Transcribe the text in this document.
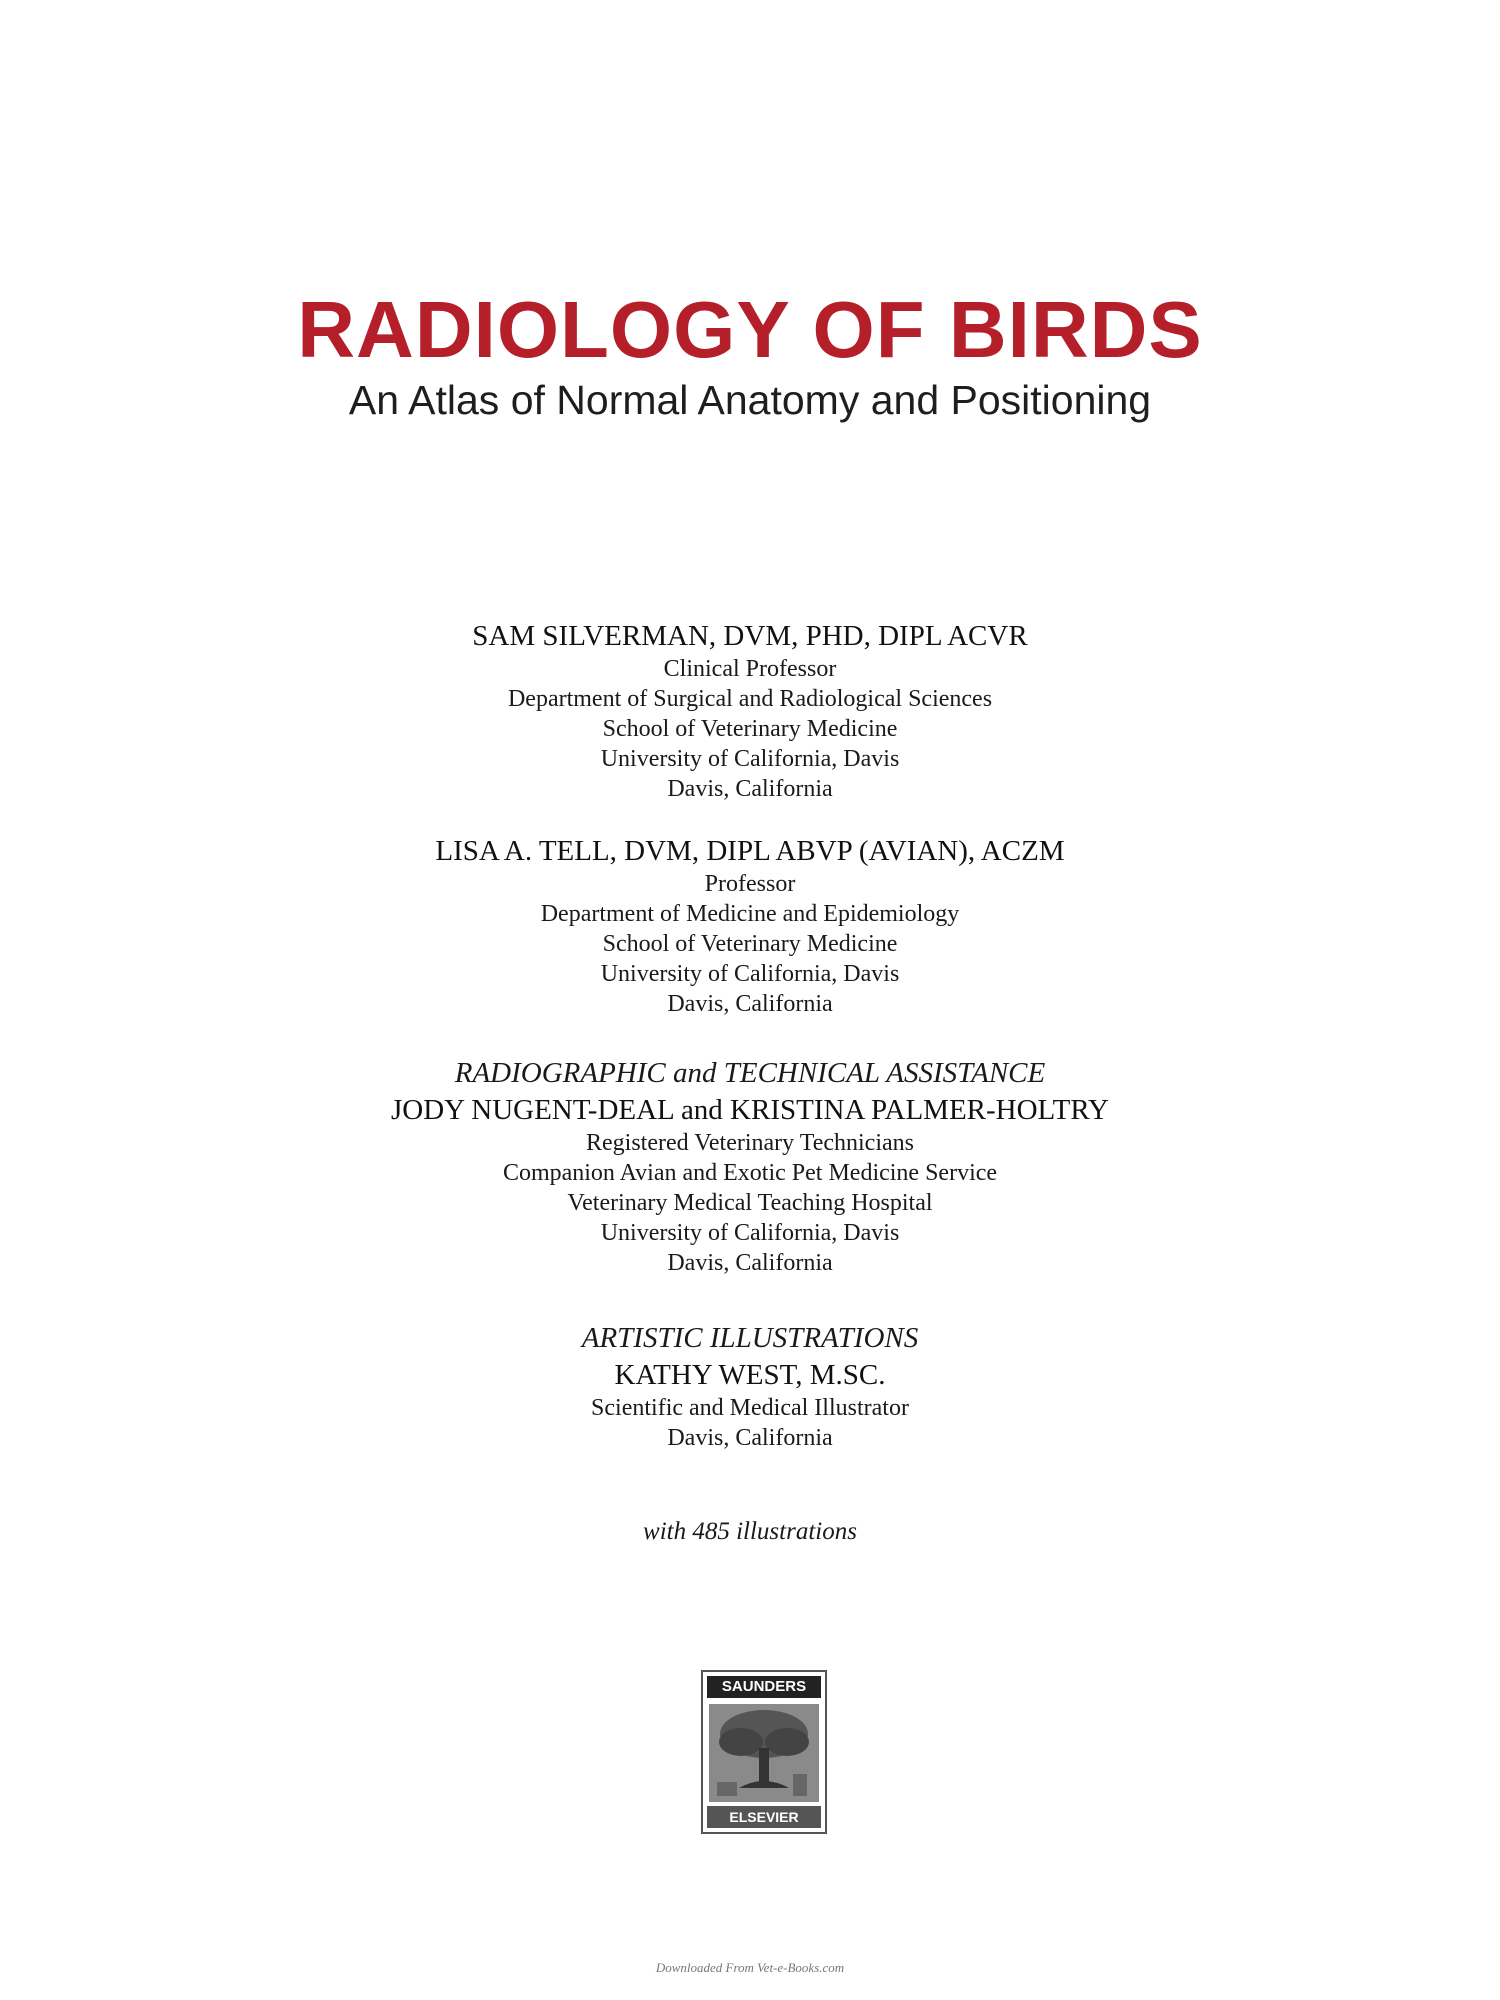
RADIOLOGY OF BIRDS
An Atlas of Normal Anatomy and Positioning
SAM SILVERMAN, DVM, PHD, DIPL ACVR
Clinical Professor
Department of Surgical and Radiological Sciences
School of Veterinary Medicine
University of California, Davis
Davis, California
LISA A. TELL, DVM, DIPL ABVP (AVIAN), ACZM
Professor
Department of Medicine and Epidemiology
School of Veterinary Medicine
University of California, Davis
Davis, California
RADIOGRAPHIC and TECHNICAL ASSISTANCE
JODY NUGENT-DEAL and KRISTINA PALMER-HOLTRY
Registered Veterinary Technicians
Companion Avian and Exotic Pet Medicine Service
Veterinary Medical Teaching Hospital
University of California, Davis
Davis, California
ARTISTIC ILLUSTRATIONS
KATHY WEST, M.SC.
Scientific and Medical Illustrator
Davis, California
with 485 illustrations
SAUNDERS
ELSEVIER
Downloaded From Vet-e-Books.com
